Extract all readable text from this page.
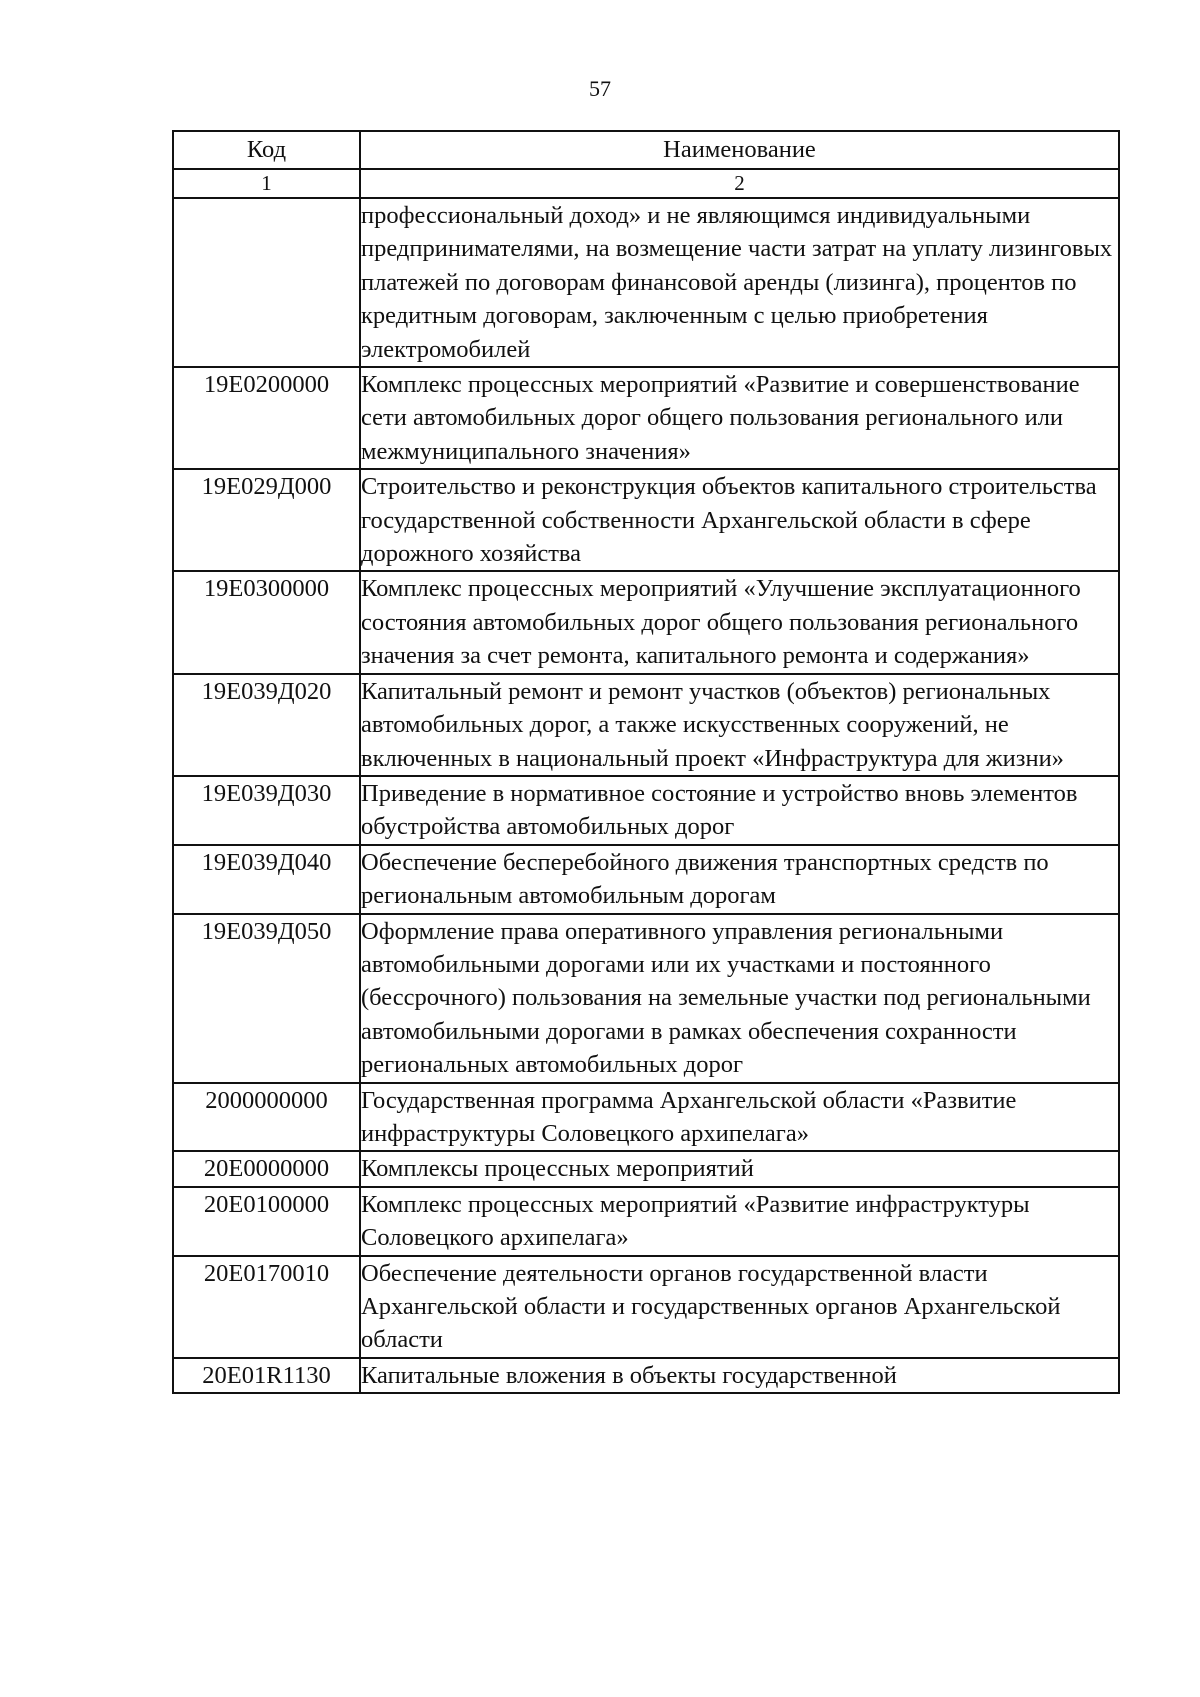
57
Код	Наименование
1	2
	профессиональный доход» и не являющимся индивидуальными предпринимателями, на возмещение части затрат на уплату лизинговых платежей по договорам финансовой аренды (лизинга), процентов по кредитным договорам, заключенным с целью приобретения электромобилей
19Е0200000	Комплекс процессных мероприятий «Развитие и совершенствование сети автомобильных дорог общего пользования регионального или межмуниципального значения»
19Е029Д000	Строительство и реконструкция объектов капитального строительства государственной собственности Архангельской области в сфере дорожного хозяйства
19Е0300000	Комплекс процессных мероприятий «Улучшение эксплуатационного состояния автомобильных дорог общего пользования регионального значения за счет ремонта, капитального ремонта и содержания»
19Е039Д020	Капитальный ремонт и ремонт участков (объектов) региональных автомобильных дорог, а также искусственных сооружений, не включенных в национальный проект «Инфраструктура для жизни»
19Е039Д030	Приведение в нормативное состояние и устройство вновь элементов обустройства автомобильных дорог
19Е039Д040	Обеспечение бесперебойного движения транспортных средств по региональным автомобильным дорогам
19Е039Д050	Оформление права оперативного управления региональными автомобильными дорогами или их участками и постоянного (бессрочного) пользования на земельные участки под региональными автомобильными дорогами в рамках обеспечения сохранности региональных автомобильных дорог
2000000000	Государственная программа Архангельской области «Развитие инфраструктуры Соловецкого архипелага»
20Е0000000	Комплексы процессных мероприятий
20Е0100000	Комплекс процессных мероприятий «Развитие инфраструктуры Соловецкого архипелага»
20Е0170010	Обеспечение деятельности органов государственной власти Архангельской области и государственных органов Архангельской области
20Е01R1130	Капитальные вложения в объекты государственной
